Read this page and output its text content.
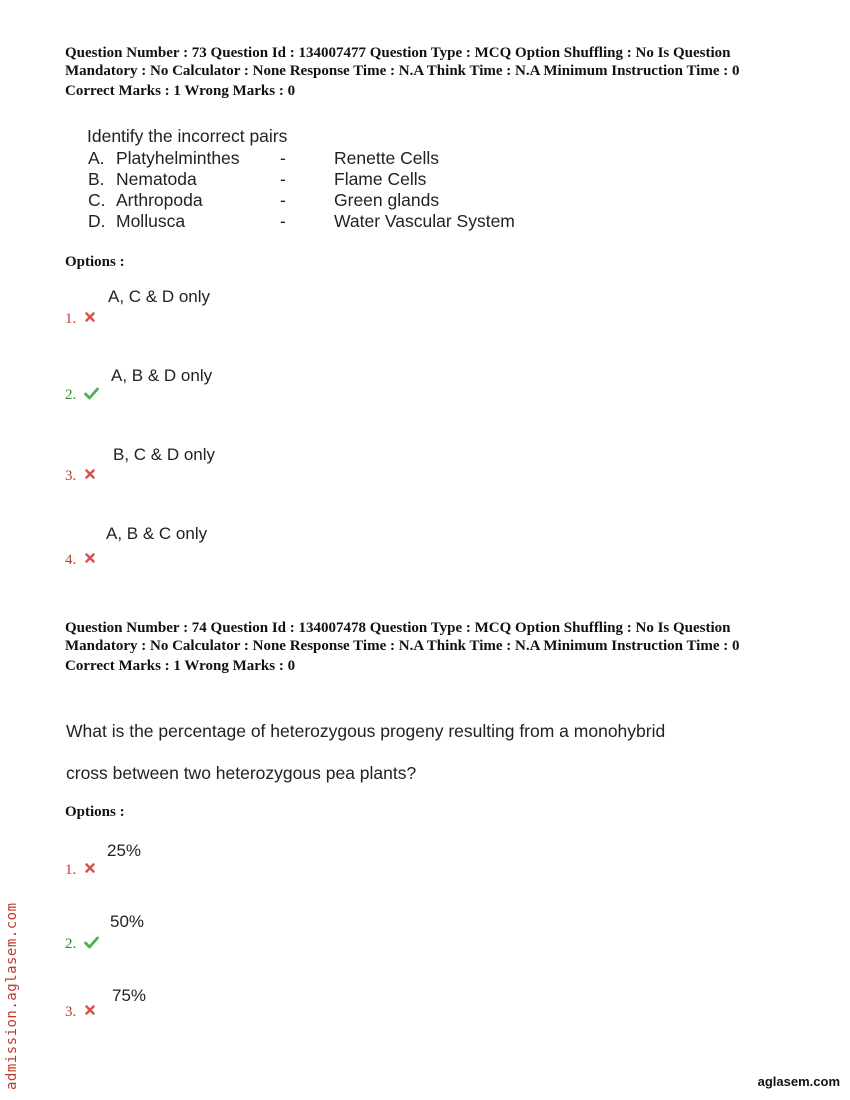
Question Number : 73 Question Id : 134007477 Question Type : MCQ Option Shuffling : No Is Question
Mandatory : No Calculator : None Response Time : N.A Think Time : N.A Minimum Instruction Time : 0
Correct Marks : 1 Wrong Marks : 0
Identify the incorrect pairs
A. Platyhelminthes -	Renette Cells
B. Nematoda	-	Flame Cells
C. Arthropoda	-	Green glands
D. Mollusca	-	Water Vascular System
Options :
A, C & D only
1.
A, B & D only
2.
B, C & D only
3.
A, B & C only
4.
Question Number : 74 Question Id : 134007478 Question Type : MCQ Option Shuffling : No Is Question
Mandatory : No Calculator : None Response Time : N.A Think Time : N.A Minimum Instruction Time : 0
Correct Marks : 1 Wrong Marks : 0
What is the percentage of heterozygous progeny resulting from a monohybrid
cross between two heterozygous pea plants?
Options :
25%
1.
50%
2.
75%
3.
admission.aglasem.com	aglasem.com
